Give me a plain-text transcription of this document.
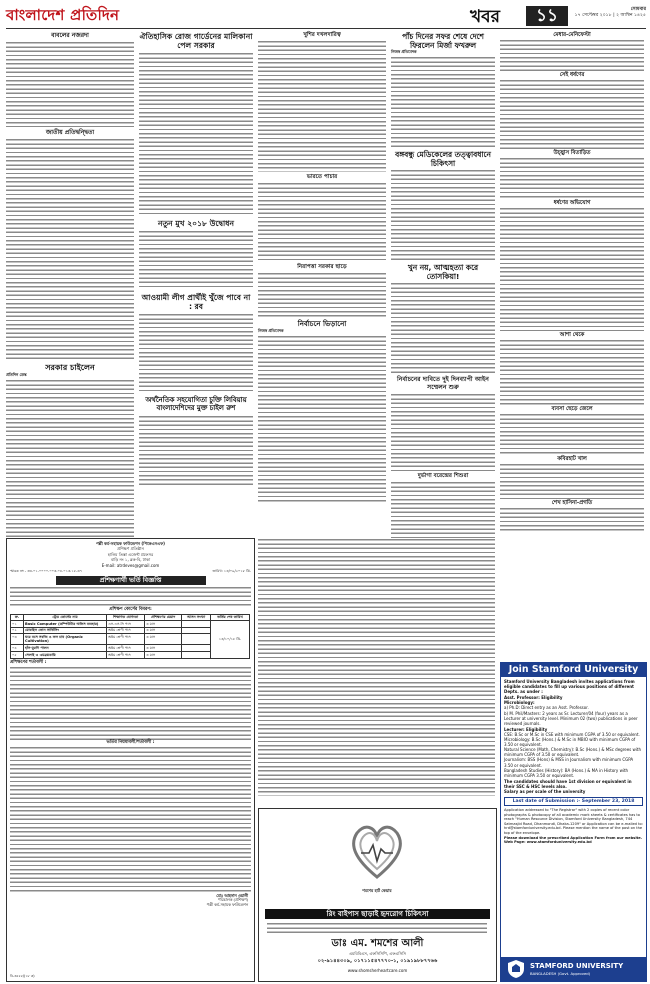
বাংলাদেশ প্রতিদিন	খবর	১১	সোমবার
১৭ সেপ্টেম্বর ২০১৮ | ২ আশ্বিন ১৪২৫
বাবলের নজরদা
জাতীয় প্রতিদ্বন্দ্বিতা
সরকার চাইলেন
প্রতিদিন ডেস্ক
ঐতিহাসিক রোজ গার্ডেনের মালিকানা পেল সরকার
নতুন মুখ ২০১৮ উদ্বোধন
আওয়ামী লীগ প্রার্থীই খুঁজে পাবে না : রব
অর্থনৈতিক সহযোগিতা চুক্তি লিবিয়ায় বাংলাদেশিদের মুক্ত চাইল রুশ
খুশির দখলদারিত্ব
ভারতে পাচার
নিরাপত্তা সরকার ছাড়ে
নির্বাচনে ভিড়ানো
নিজস্ব প্রতিবেদক
পাঁচ দিনের সফর শেষে দেশে ফিরলেন মির্জা ফখরুল
নিজস্ব প্রতিবেদক
বঙ্গবন্ধু মেডিকেলের তত্ত্বাবধানে চিকিৎসা
খুন নয়, আত্মহত্যা করে তোসকিয়া!
নির্বাচনের দাবিতে দুই দিনব্যাপী আইন সম্মেলন শুরু
দুর্ভাগা বরেন্দ্রের শিশুরা
মেধার-মেনিফেস্টা
সেই ধর্ষণের
উচ্ছ্বাস বিতাড়িত
ধর্ষণের অভিযোগ
আশা থেকে
ব্যবসা ছেড়ে জেলে
কবিরহাট খাল
শেখ হাসিনা-প্রগতি
পল্লী কর্ম-সহায়ক ফাউন্ডেশন (পিকেএসএফ)
প্রশিক্ষণ প্রতিষ্ঠান
হালিম তিস্তা এজেন্ট প্রফেসর
বাড়ি নং ১, ব্লক-বি, ঢাকা
E-mail: atrdeves@gmail.com
স্মারক নং - ৩৩.০১.০০০০.০০৩.০৪.০১৩.১৮-৩৭	তারিখ: ১৩/০৯/২০১৮ খ্রি.
প্রশিক্ষণার্থী ভর্তি বিজ্ঞপ্তি
প্রশিক্ষণ কোর্সের বিবরণ:
ক্র.	ট্রেড কোর্সের নাম	শিক্ষাগত যোগ্যতা	প্রশিক্ষণের মেয়াদ	আসন সংখ্যা	ভর্তির শেষ তারিখ
০১	Basic Computer (কম্পিউটার অফিস ব্যবহার)	এস.এস.সি পাস	৩ মাস		১৩/১০/১৮ খ্রি.
০২	মোবাইল ফোন সার্ভিসিং	অষ্টম শ্রেণী পাস	৩ মাস		
০৩	ঘরে বসে সবজি ও ফল চাষ (Organic Cultivation)	অষ্টম শ্রেণী পাস	৩ মাস		
০৪	হাঁস-মুরগি পালন	অষ্টম শ্রেণী পাস	৩ মাস		
০৫	সেলাই ও এমব্রয়ডারি	অষ্টম শ্রেণী পাস	৩ মাস		
প্রশিক্ষণের শর্তাবলী :
ভর্তির নিয়মাবলী/শর্তাবলী :
মোঃ আহসান ওয়ালী
পরিচালক (প্রশিক্ষণ)
পল্লী কর্ম-সহায়ক ফাউন্ডেশন
বি-৩৫৫৫/(১৮ ক)
শমশের হার্ট কেয়ার
রিং বাইপাস ছাড়াই হৃদরোগ চিকিৎসা
ডাঃ এম. শমশের আলী
এমবিবিএস, এফসিসিপি, এফএসিসি
০২-৯১৪৪৩০৯, ০১৭১১৫৪৭৭৭০-১, ০১৯১৯৮৮৭৭৬৬
www.shomsherheartcare.com
Join Stamford University
Stamford University Bangladesh invites applications from eligible candidates to fill up various positions of different Depts. as under :
Asst. Professor: Eligibility
Microbiology:
a) Ph.D: Direct entry as an Asst. Professor.
b) M. Phil/Masters: 2 years as Sr. Lecturer/04 (four) years as a Lecturer at university level. Minimum 02 (two) publications in peer reviewed journals.
Lecturer: Eligibility
CSE: B.Sc or M.Sc in CSE with minimum CGPA of 3.50 or equivalent.
Microbiology: B.Sc (Hons.) & M.Sc in MBIO with minimum CGPA of 3.50 or equivalent.
Natural Science (Math, Chemistry): B.Sc (Hons.) & MSc degrees with minimum CGPA of 3.50 or equivalent.
Journalism: BSS (Hons) & MSS in Journalism with minimum CGPA 3.50 or equivalent.
Bangladesh Studies (History): BA (Hons.) & MA in History with minimum CGPA 3.50 or equivalent.
The candidates should have 1st division or equivalent in their SSC & HSC levels also.
Salary as per scale of the university
Last date of Submission :- September 23, 2018
Application addressed to "The Registrar" with 2 copies of recent color photographs & photocopy of all academic mark sheets & certificates has to reach "Human Resource Division, Stamford University Bangladesh, 744 Satmasjid Road, Dhanmondi, Dhaka-1209" or Application can be e-mailed to: hrd@stamforduniversity.edu.bd. Please mention the name of the post on the top of the envelope.
Please download the prescribed Application Form from our website. Web Page: www.stamforduniversity.edu.bd
STAMFORD UNIVERSITY
BANGLADESH (Govt. Approved)
